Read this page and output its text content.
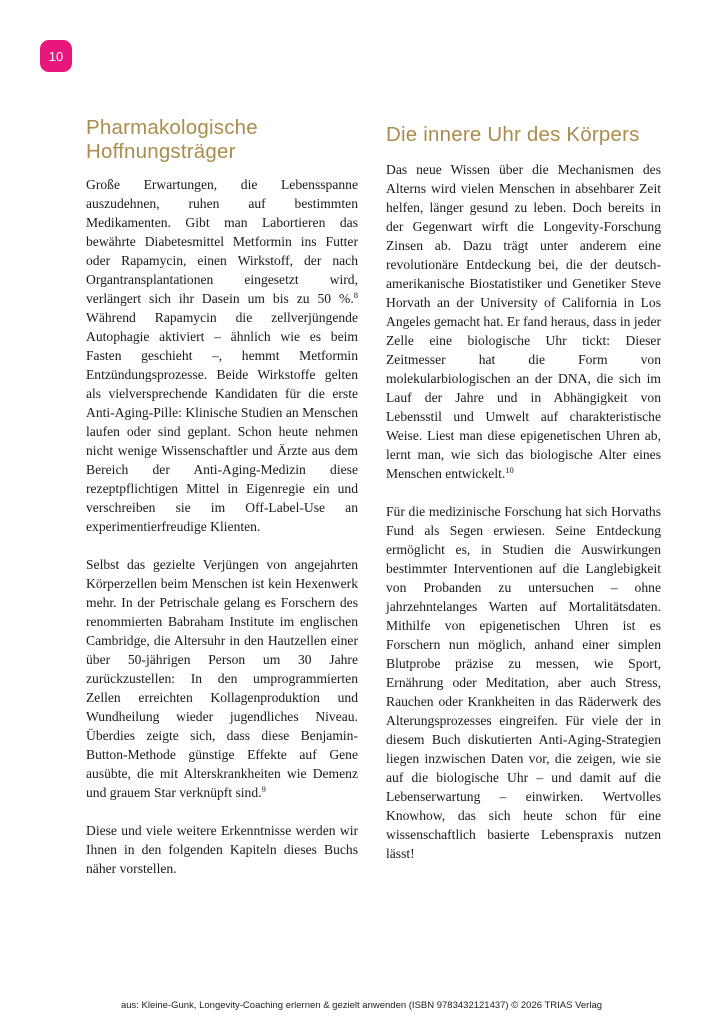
10
Pharmakologische Hoffnungsträger

Große Erwartungen, die Lebensspanne auszudehnen, ruhen auf bestimmten Medikamenten. Gibt man Labortieren das bewährte Diabetesmittel Metformin ins Futter oder Rapamycin, einen Wirkstoff, der nach Organtransplantationen eingesetzt wird, verlängert sich ihr Dasein um bis zu 50 %.$^8$ Während Rapamycin die zellverjüngende Autophagie aktiviert – ähnlich wie es beim Fasten geschieht –, hemmt Metformin Entzündungsprozesse. Beide Wirkstoffe gelten als vielversprechende Kandidaten für die erste Anti-Aging-Pille: Klinische Studien an Menschen laufen oder sind geplant. Schon heute nehmen nicht wenige Wissenschaftler und Ärzte aus dem Bereich der Anti-Aging-Medizin diese rezeptpflichtigen Mittel in Eigenregie ein und verschreiben sie im Off-Label-Use an experimentierfreudige Klienten.

Selbst das gezielte Verjüngen von angejahrten Körperzellen beim Menschen ist kein Hexenwerk mehr. In der Petrischale gelang es Forschern des renommierten Babraham Institute im englischen Cambridge, die Altersuhr in den Hautzellen einer über 50-jährigen Person um 30 Jahre zurückzustellen: In den umprogrammierten Zellen erreichten Kollagenproduktion und Wundheilung wieder jugendliches Niveau. Überdies zeigte sich, dass diese Benjamin-Button-Methode günstige Effekte auf Gene ausübte, die mit Alterskrankheiten wie Demenz und grauem Star verknüpft sind.$^9$

Diese und viele weitere Erkenntnisse werden wir Ihnen in den folgenden Kapiteln dieses Buchs näher vorstellen.

Die innere Uhr des Körpers

Das neue Wissen über die Mechanismen des Alterns wird vielen Menschen in absehbarer Zeit helfen, länger gesund zu leben. Doch bereits in der Gegenwart wirft die Longevity-Forschung Zinsen ab. Dazu trägt unter anderem eine revolutionäre Entdeckung bei, die der deutsch-amerikanische Biostatistiker und Genetiker Steve Horvath an der University of California in Los Angeles gemacht hat. Er fand heraus, dass in jeder Zelle eine biologische Uhr tickt: Dieser Zeitmesser hat die Form von molekularbiologischen an der DNA, die sich im Lauf der Jahre und in Abhängigkeit von Lebensstil und Umwelt auf charakteristische Weise. Liest man diese epigenetischen Uhren ab, lernt man, wie sich das biologische Alter eines Menschen entwickelt.$^{10}$

Für die medizinische Forschung hat sich Horvaths Fund als Segen erwiesen. Seine Entdeckung ermöglicht es, in Studien die Auswirkungen bestimmter Interventionen auf die Langlebigkeit von Probanden zu untersuchen – ohne jahrzehntelanges Warten auf Mortalitätsdaten. Mithilfe von epigenetischen Uhren ist es Forschern nun möglich, anhand einer simplen Blutprobe präzise zu messen, wie Sport, Ernährung oder Meditation, aber auch Stress, Rauchen oder Krankheiten in das Räderwerk des Alterungsprozesses eingreifen. Für viele der in diesem Buch diskutierten Anti-Aging-Strategien liegen inzwischen Daten vor, die zeigen, wie sie auf die biologische Uhr – und damit auf die Lebenserwartung – einwirken. Wertvolles Knowhow, das sich heute schon für eine wissenschaftlich basierte Lebenspraxis nutzen lässt!

aus: Kleine-Gunk, Longevity-Coaching erlernen & gezielt anwenden (ISBN 9783432121437) © 2026 TRIAS Verlag
